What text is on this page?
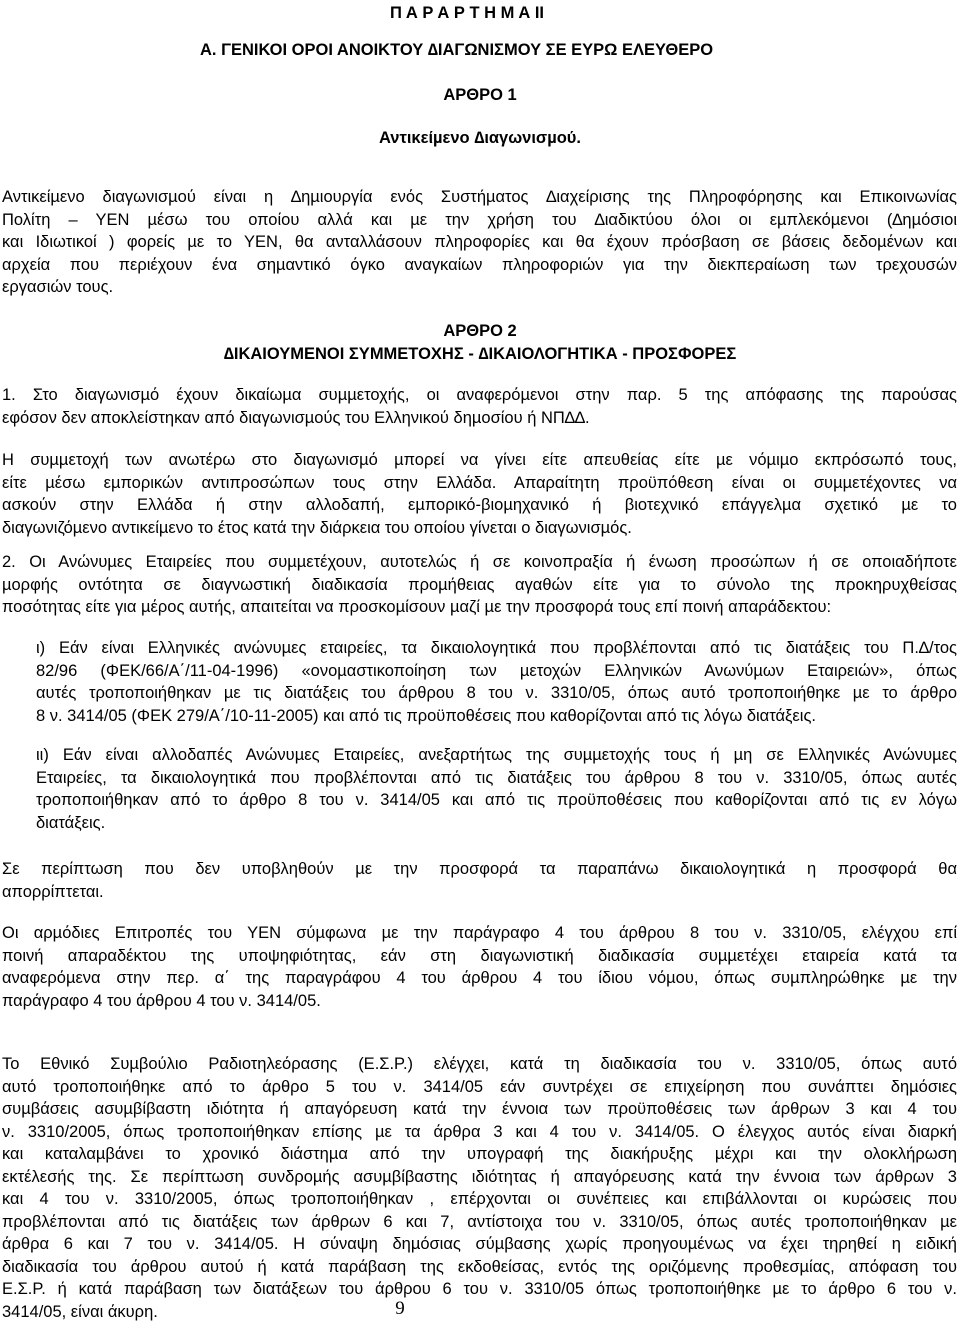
Π Α Ρ Α Ρ Τ Η Μ Α ΙΙ
Α. ΓΕΝΙΚΟΙ ΟΡΟΙ ΑΝΟΙΚΤΟΥ ∆ΙΑΓΩΝΙΣΜΟΥ ΣΕ ΕΥΡΩ ΕΛΕΥΘΕΡΟ
ΑΡΘΡΟ 1
Αντικείµενο ∆ιαγωνισµού.
Αντικείµενο διαγωνισµού είναι η ∆ηµιουργία ενός Συστήµατος ∆ιαχείρισης της Πληροφόρησης και Επικοινωνίας
Πολίτη – ΥΕΝ µέσω του οποίου αλλά και µε την χρήση του ∆ιαδικτύου όλοι οι εµπλεκόµενοι (∆ηµόσιοι
και Ιδιωτικοί ) φορείς µε το ΥΕΝ, θα ανταλλάσουν πληροφορίες και θα έχουν πρόσβαση σε βάσεις δεδοµένων και
αρχεία που περιέχουν ένα σηµαντικό όγκο αναγκαίων πληροφοριών για την διεκπεραίωση των τρεχουσών
εργασιών τους.
ΑΡΘΡΟ 2
∆ΙΚΑΙΟΥΜΕΝΟΙ ΣΥΜΜΕΤΟΧΗΣ - ∆ΙΚΑΙΟΛΟΓΗΤΙΚΑ - ΠΡΟΣΦΟΡΕΣ
1. Στο διαγωνισµό έχουν δικαίωµα συµµετοχής, οι αναφερόµενοι στην παρ. 5 της απόφασης της παρούσας
εφόσον δεν αποκλείστηκαν από διαγωνισµούς του Ελληνικού δηµοσίου ή ΝΠ∆∆.
Η συµµετοχή των ανωτέρω στο διαγωνισµό µπορεί να γίνει είτε απευθείας είτε µε νόµιµο εκπρόσωπό τους,
είτε µέσω εµπορικών αντιπροσώπων τους στην Ελλάδα. Απαραίτητη προϋπόθεση είναι οι συµµετέχοντες να
ασκούν στην Ελλάδα ή στην αλλοδαπή, εµπορικό-βιοµηχανικό ή βιοτεχνικό επάγγελµα σχετικό µε το
διαγωνιζόµενο αντικείµενο το έτος κατά την διάρκεια του οποίου γίνεται ο διαγωνισµός.
2. Οι Ανώνυµες Εταιρείες που συµµετέχουν, αυτοτελώς ή σε κοινοπραξία ή ένωση προσώπων ή σε οποιαδήποτε
µορφής οντότητα σε διαγνωστική διαδικασία προµήθειας αγαθών είτε για το σύνολο της προκηρυχθείσας
ποσότητας είτε για µέρος αυτής, απαιτείται να προσκοµίσουν µαζί µε την προσφορά τους επί ποινή απαράδεκτου:
ι) Εάν είναι Ελληνικές ανώνυµες εταιρείες, τα δικαιολογητικά που προβλέπονται από τις διατάξεις του Π.∆/τος
82/96 (ΦΕΚ/66/Α΄/11-04-1996) «ονοµαστικοποίηση των µετοχών Ελληνικών Ανωνύµων Εταιρειών», όπως
αυτές τροποποιήθηκαν µε τις διατάξεις του άρθρου 8 του ν. 3310/05, όπως αυτό τροποποιήθηκε µε το άρθρο
8 ν. 3414/05 (ΦΕΚ 279/Α΄/10-11-2005) και από τις προϋποθέσεις που καθορίζονται από τις λόγω διατάξεις.
ιι) Εάν είναι αλλοδαπές Ανώνυµες Εταιρείες, ανεξαρτήτως της συµµετοχής τους ή µη σε Ελληνικές Ανώνυµες
Εταιρείες, τα δικαιολογητικά που προβλέπονται από τις διατάξεις του άρθρου 8 του ν. 3310/05, όπως αυτές
τροποποιήθηκαν από το άρθρο 8 του ν. 3414/05 και από τις προϋποθέσεις που καθορίζονται από τις εν λόγω
διατάξεις.
Σε περίπτωση που δεν υποβληθούν µε την προσφορά τα παραπάνω δικαιολογητικά η προσφορά θα
απορρίπτεται.
Οι αρµόδιες Επιτροπές του ΥΕΝ σύµφωνα µε την παράγραφο 4 του άρθρου 8 του ν. 3310/05, ελέγχου επί
ποινή απαραδέκτου της υποψηφιότητας, εάν στη διαγωνιστική διαδικασία συµµετέχει εταιρεία κατά τα
αναφερόµενα στην περ. α΄ της παραγράφου 4 του άρθρου 4 του ίδιου νόµου, όπως συµπληρώθηκε µε την
παράγραφο 4 του άρθρου 4 του ν. 3414/05.
Το Εθνικό Συµβούλιο Ραδιοτηλεόρασης (Ε.Σ.Ρ.) ελέγχει, κατά τη διαδικασία του ν. 3310/05, όπως αυτό
αυτό τροποποιήθηκε από το άρθρο 5 του ν. 3414/05 εάν συντρέχει σε επιχείρηση που συνάπτει δηµόσιες
συµβάσεις ασυµβίβαστη ιδιότητα ή απαγόρευση κατά την έννοια των προϋποθέσεις των άρθρων 3 και 4 του
ν. 3310/2005, όπως τροποποιήθηκαν επίσης µε τα άρθρα 3 και 4 του ν. 3414/05. Ο έλεγχος αυτός είναι διαρκή
και καταλαµβάνει το χρονικό διάστηµα από την υπογραφή της διακήρυξης µέχρι και την ολοκλήρωση
εκτέλεσής της. Σε περίπτωση συνδροµής ασυµβίβαστης ιδιότητας ή απαγόρευσης κατά την έννοια των άρθρων 3
και 4 του ν. 3310/2005, όπως τροποποιήθηκαν , επέρχονται οι συνέπειες και επιβάλλονται οι κυρώσεις που
προβλέπονται από τις διατάξεις των άρθρων 6 και 7, αντίστοιχα του ν. 3310/05, όπως αυτές τροποποιήθηκαν µε
άρθρα 6 και 7 του ν. 3414/05. Η σύναψη δηµόσιας σύµβασης χωρίς προηγουµένως να έχει τηρηθεί η ειδική
διαδικασία του άρθρου αυτού ή κατά παράβαση της εκδοθείσας, εντός της οριζόµενης προθεσµίας, απόφαση του
Ε.Σ.Ρ. ή κατά παράβαση των διατάξεων του άρθρου 6 του ν. 3310/05 όπως τροποποιήθηκε µε το άρθρο 6 του ν.
3414/05, είναι άκυρη.	9
